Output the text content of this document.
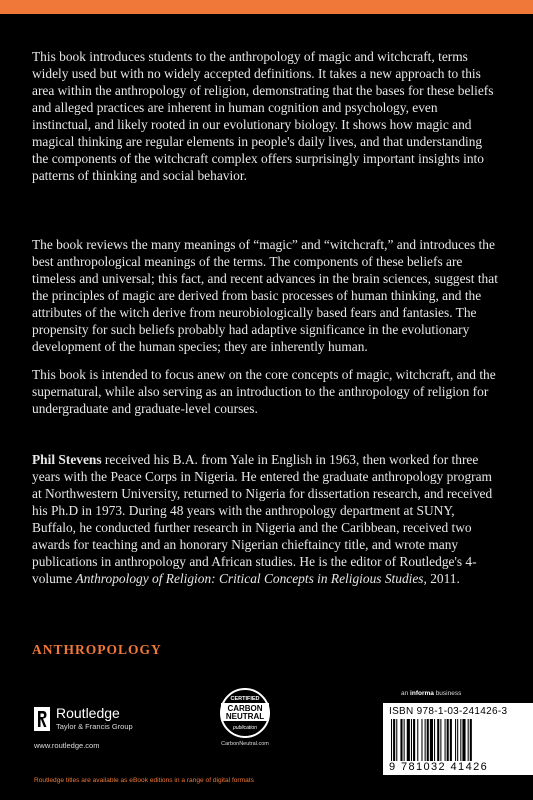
This book introduces students to the anthropology of magic and witchcraft, terms widely used but with no widely accepted definitions. It takes a new approach to this area within the anthropology of religion, demonstrating that the bases for these beliefs and alleged practices are inherent in human cognition and psychology, even instinctual, and likely rooted in our evolutionary biology. It shows how magic and magical thinking are regular elements in people's daily lives, and that understanding the components of the witchcraft complex offers surprisingly important insights into patterns of thinking and social behavior.

The book reviews the many meanings of “magic” and “witchcraft,” and introduces the best anthropological meanings of the terms. The components of these beliefs are timeless and universal; this fact, and recent advances in the brain sciences, suggest that the principles of magic are derived from basic processes of human thinking, and the attributes of the witch derive from neurobiologically based fears and fantasies. The propensity for such beliefs probably had adaptive significance in the evolutionary development of the human species; they are inherently human.

This book is intended to focus anew on the core concepts of magic, witchcraft, and the supernatural, while also serving as an introduction to the anthropology of religion for undergraduate and graduate-level courses.

Phil Stevens received his B.A. from Yale in English in 1963, then worked for three years with the Peace Corps in Nigeria. He entered the graduate anthropology program at Northwestern University, returned to Nigeria for dissertation research, and received his Ph.D in 1973. During 48 years with the anthropology department at SUNY, Buffalo, he conducted further research in Nigeria and the Caribbean, received two awards for teaching and an honorary Nigerian chieftaincy title, and wrote many publications in anthropology and African studies. He is the editor of Routledge's 4-volume Anthropology of Religion: Critical Concepts in Religious Studies, 2011.

ANTHROPOLOGY
Routledge
Taylor & Francis Group
www.routledge.com
CERTIFIED
CARBON
NEUTRAL
publication
CarbonNeutral.com
an informa business
ISBN 978-1-03-241426-3
9 781032 41426
Routledge titles are available as eBook editions in a range of digital formats
